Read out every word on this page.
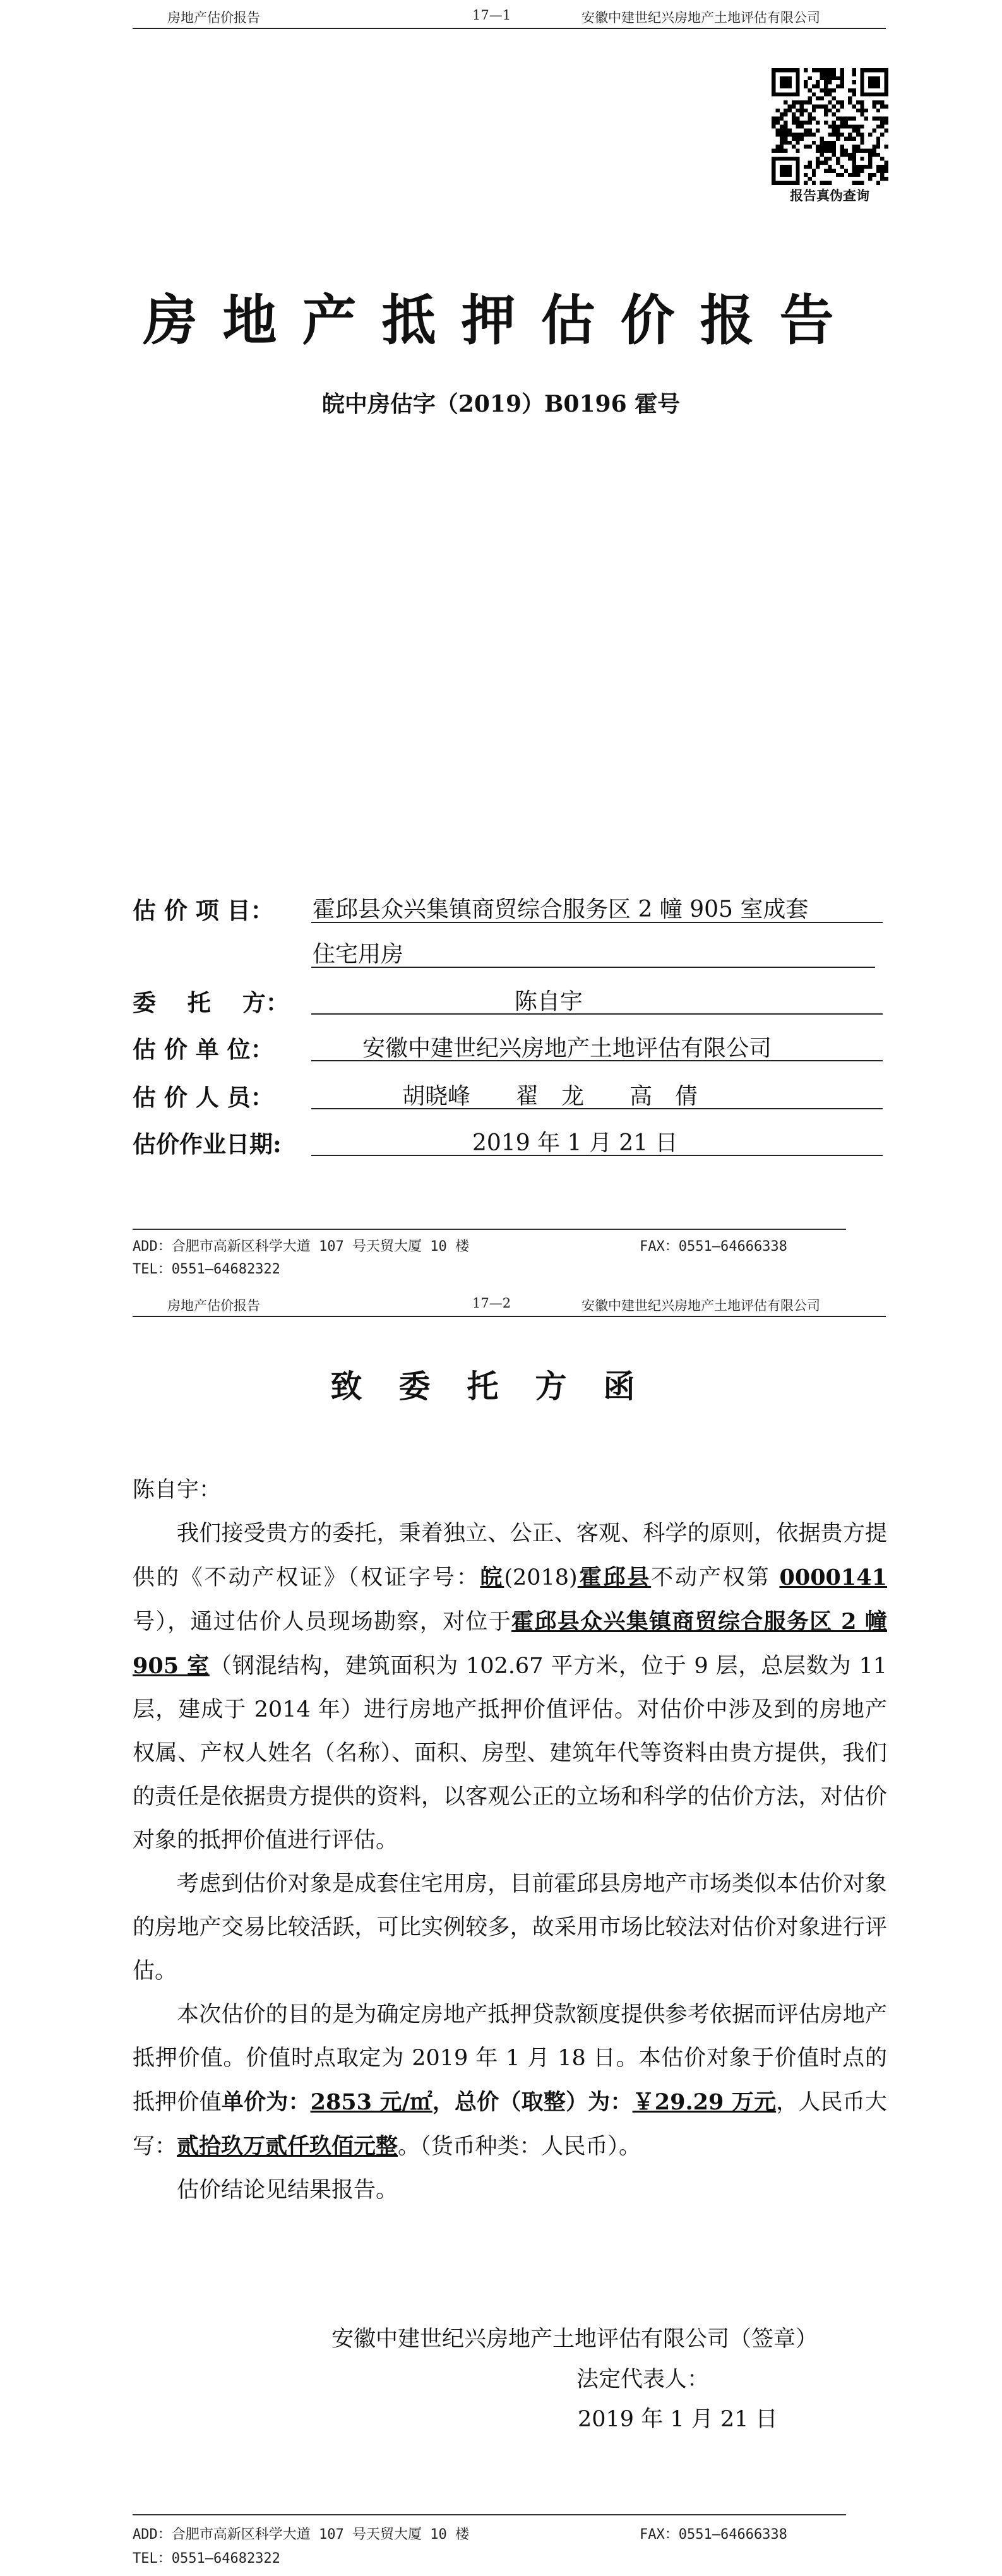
房地产估价报告	17—1	安徽中建世纪兴房地产土地评估有限公司
报告真伪查询
房地产抵押估价报告
皖中房估字（2019）B0196 霍号
估 价 项 目： 霍邱县众兴集镇商贸综合服务区 2 幢 905 室成套
住宅用房
委　 托　 方：	陈自宇
估 价 单 位：	安徽中建世纪兴房地产土地评估有限公司
估 价 人 员：	胡晓峰　　翟　龙　　高　倩
估价作业日期:	2019 年 1 月 21 日
ADD：合肥市高新区科学大道 107 号天贸大厦 10 楼	FAX：0551—64666338
TEL：0551—64682322
房地产估价报告	17—2	安徽中建世纪兴房地产土地评估有限公司
致委托方函

陈自宇：

我们接受贵方的委托，秉着独立、公正、客观、科学的原则，依据贵方提供的《不动产权证》（权证字号：皖(2018)霍邱县不动产权第 0000141 号），通过估价人员现场勘察，对位于霍邱县众兴集镇商贸综合服务区 2 幢 905 室（钢混结构，建筑面积为 102.67 平方米，位于 9 层，总层数为 11 层，建成于 2014 年）进行房地产抵押价值评估。对估价中涉及到的房地产权属、产权人姓名（名称）、面积、房型、建筑年代等资料由贵方提供，我们的责任是依据贵方提供的资料，以客观公正的立场和科学的估价方法，对估价对象的抵押价值进行评估。

考虑到估价对象是成套住宅用房，目前霍邱县房地产市场类似本估价对象的房地产交易比较活跃，可比实例较多，故采用市场比较法对估价对象进行评估。

本次估价的目的是为确定房地产抵押贷款额度提供参考依据而评估房地产抵押价值。价值时点取定为 2019 年 1 月 18 日。本估价对象于价值时点的抵押价值单价为：2853 元/㎡，总价（取整）为：￥29.29 万元，人民币大写：贰拾玖万贰仟玖佰元整。（货币种类：人民币）。

估价结论见结果报告。

安徽中建世纪兴房地产土地评估有限公司（签章）
法定代表人：
2019 年 1 月 21 日
ADD：合肥市高新区科学大道 107 号天贸大厦 10 楼	FAX：0551—64666338
TEL：0551—64682322
